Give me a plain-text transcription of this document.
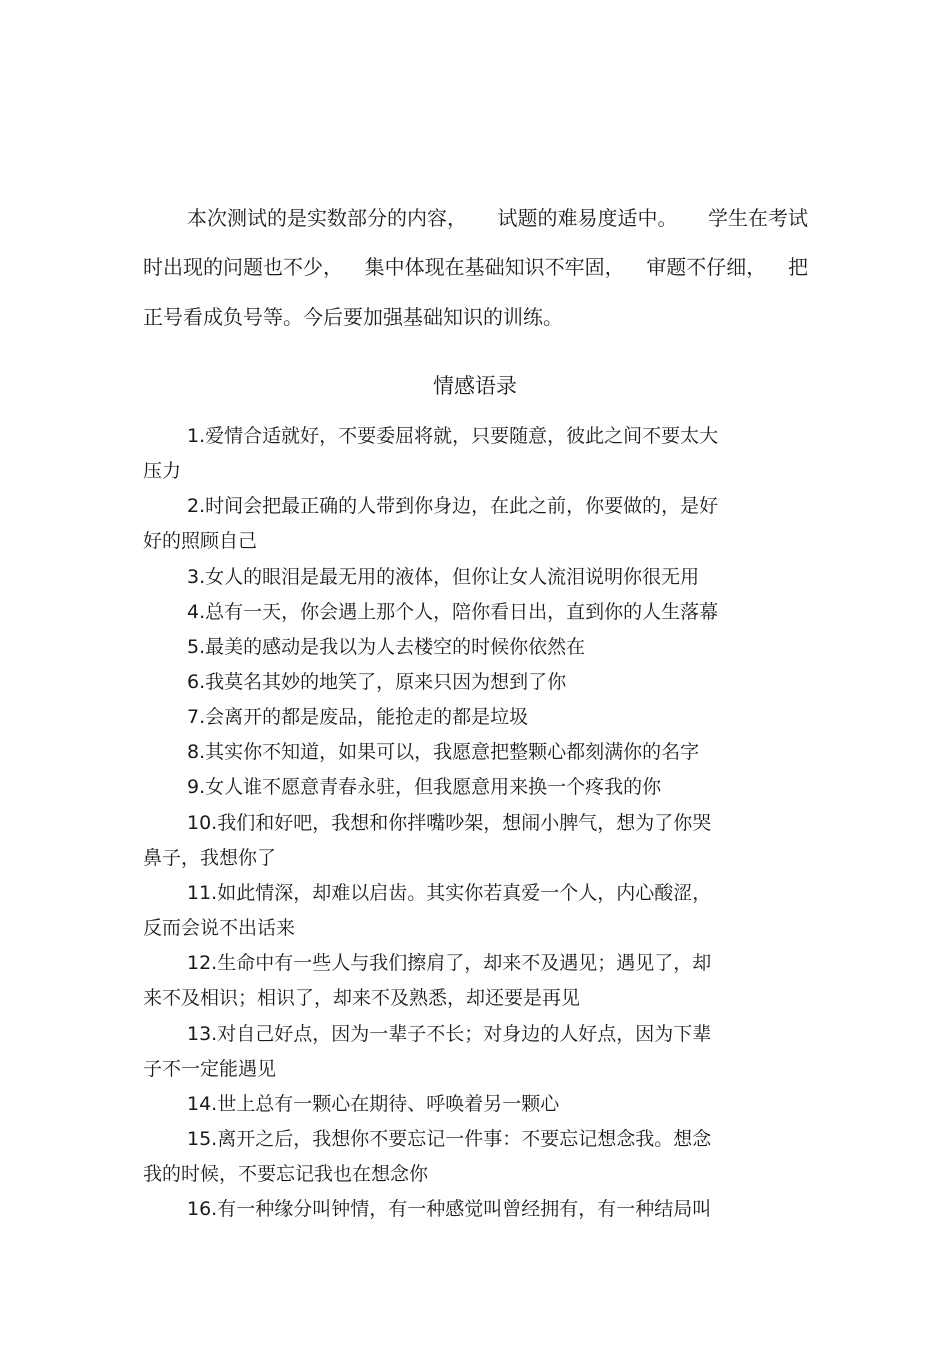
本次测试的是实数部分的内容， 试题的难易度适中。 学生在考试
时出现的问题也不少， 集中体现在基础知识不牢固， 审题不仔细， 把
正号看成负号等。今后要加强基础知识的训练。
情感语录
1.爱情合适就好，不要委屈将就，只要随意，彼此之间不要太大
压力
2.时间会把最正确的人带到你身边，在此之前，你要做的，是好
好的照顾自己
3.女人的眼泪是最无用的液体，但你让女人流泪说明你很无用
4.总有一天，你会遇上那个人，陪你看日出，直到你的人生落幕
5.最美的感动是我以为人去楼空的时候你依然在
6.我莫名其妙的地笑了，原来只因为想到了你
7.会离开的都是废品，能抢走的都是垃圾
8.其实你不知道，如果可以，我愿意把整颗心都刻满你的名字
9.女人谁不愿意青春永驻，但我愿意用来换一个疼我的你
10.我们和好吧，我想和你拌嘴吵架，想闹小脾气，想为了你哭
鼻子，我想你了
11.如此情深，却难以启齿。其实你若真爱一个人，内心酸涩，
反而会说不出话来
12.生命中有一些人与我们擦肩了，却来不及遇见；遇见了，却
来不及相识；相识了，却来不及熟悉，却还要是再见
13.对自己好点，因为一辈子不长；对身边的人好点，因为下辈
子不一定能遇见
14.世上总有一颗心在期待、呼唤着另一颗心
15.离开之后，我想你不要忘记一件事：不要忘记想念我。想念
我的时候，不要忘记我也在想念你
16.有一种缘分叫钟情，有一种感觉叫曾经拥有，有一种结局叫
